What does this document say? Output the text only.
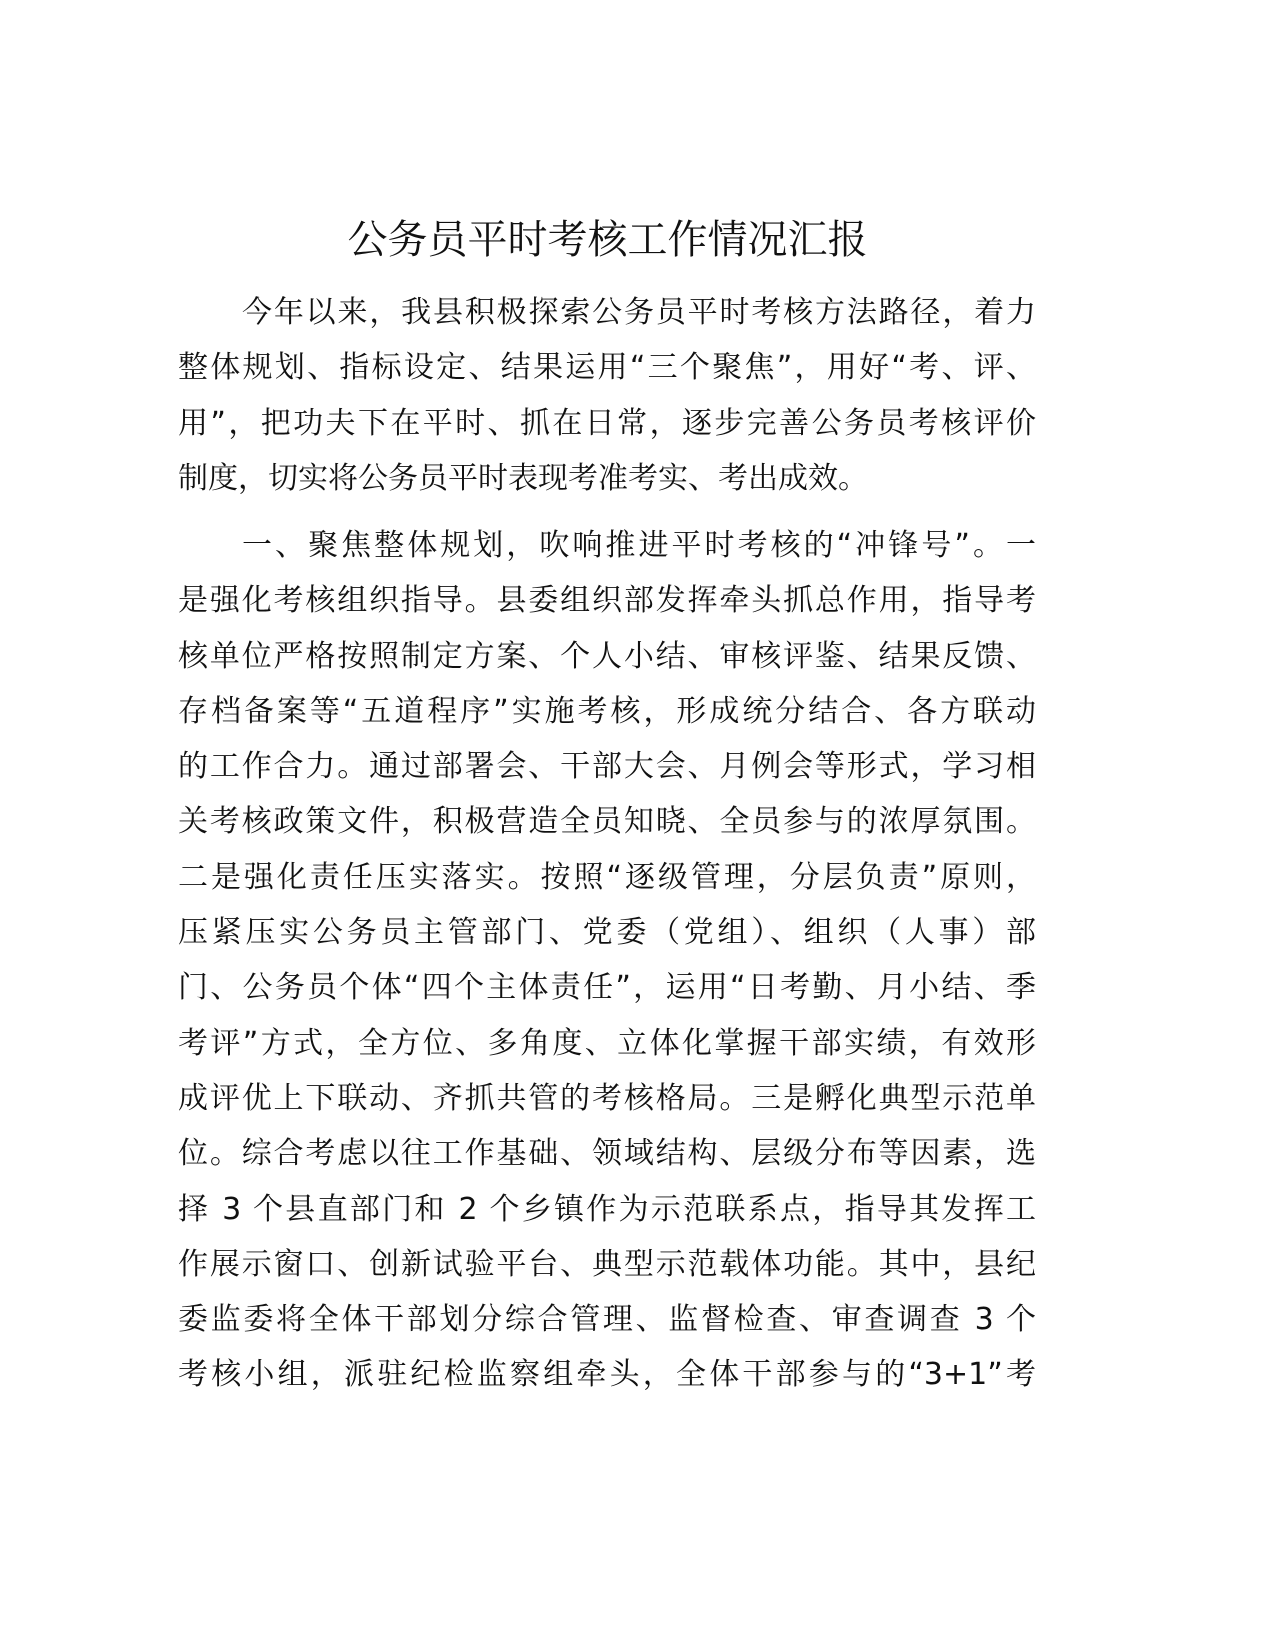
公务员平时考核工作情况汇报
今年以来，我县积极探索公务员平时考核方法路径，着力
整体规划、指标设定、结果运用“三个聚焦”，用好“考、评、
用”，把功夫下在平时、抓在日常，逐步完善公务员考核评价
制度，切实将公务员平时表现考准考实、考出成效。
一、聚焦整体规划，吹响推进平时考核的“冲锋号”。一
是强化考核组织指导。县委组织部发挥牵头抓总作用，指导考
核单位严格按照制定方案、个人小结、审核评鉴、结果反馈、
存档备案等“五道程序”实施考核，形成统分结合、各方联动
的工作合力。通过部署会、干部大会、月例会等形式，学习相
关考核政策文件，积极营造全员知晓、全员参与的浓厚氛围。
二是强化责任压实落实。按照“逐级管理，分层负责”原则，
压紧压实公务员主管部门、党委（党组）、组织（人事）部
门、公务员个体“四个主体责任”，运用“日考勤、月小结、季
考评”方式，全方位、多角度、立体化掌握干部实绩，有效形
成评优上下联动、齐抓共管的考核格局。三是孵化典型示范单
位。综合考虑以往工作基础、领域结构、层级分布等因素，选
择 3 个县直部门和 2 个乡镇作为示范联系点，指导其发挥工
作展示窗口、创新试验平台、典型示范载体功能。其中，县纪
委监委将全体干部划分综合管理、监督检查、审查调查 3 个
考核小组，派驻纪检监察组牵头，全体干部参与的“3+1”考
